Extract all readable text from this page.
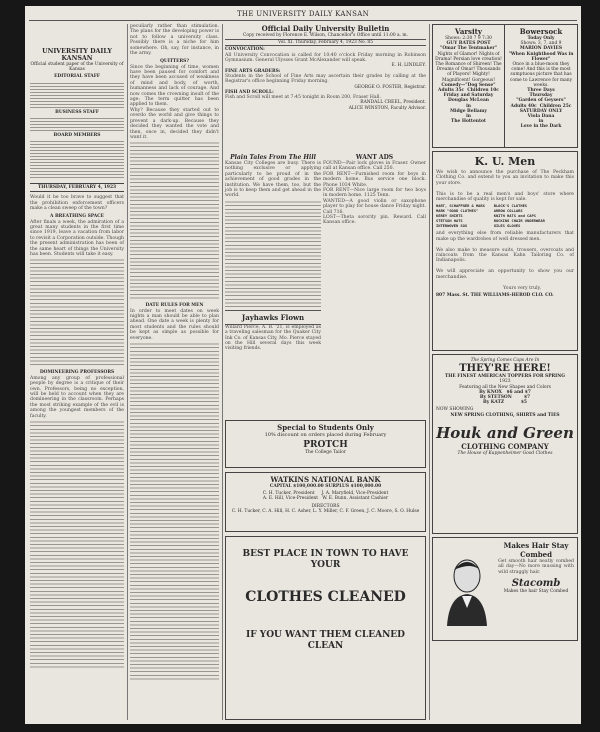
THE UNIVERSITY DAILY KANSAN
UNIVERSITY DAILY KANSAN
Official student paper of the University of Kansas
EDITORIAL STAFF
BUSINESS STAFF
BOARD MEMBERS
THURSDAY, FEBRUARY 4, 1923
Would it be too brave to suggest that the prohibition enforcement officers make a clean sweep of the town?
A BREATHING SPACE
After finals a week, the admiration of a great many students in the first time since 1919, leave a vacation from labor to revisit a Corporation outside. Though the present administration has been of the same heart of things the University has been. Students will take it easy.
DOMINEERING PROFESSORS
Among any group of professional people by degree is a critique of their own. Professors, being no exception, will be held to account when they are domineering in the classroom. Perhaps the most striking example of the evil is among the youngest members of the faculty.
peculiarly rather than stimulation. The plans for the developing power is not to follow a university class. Possibly there is a niche for him somewhere. Oh, say, for instance, in the army.
QUITTERS?
Since the beginning of time, women have been paused for comfort and they have been accused of weakness of mind and body, of worth, humanness and lack of courage. And now comes the crowning insult of the age: The term quitter has been applied to them.
Why? Because they started out to overdo the world and give things to prevent a dark-up. Because they decided they wanted the vote and then, once in, decided they didn't want it.
DATE RULES FOR MEN
In order to meet dates on week nights a man should be able to plan ahead. One date a week is plenty for most students and the rules should be kept as simple as possible for everyone.
Official Daily University Bulletin
Copy received by Florence E. Wilson, Chancellor's Office until 11:00 a. m.
Vol. XI. Thursday, February 4, 1923 No. 85
CONVOCATION:
All University Convocation is called for 10:40 o'clock Friday morning in Robinson Gymnasium. General Ulysses Grant McAlexander will speak.
E. H. LINDLEY.
FINE ARTS GRADERS:
Students in the School of Fine Arts may ascertain their grades by calling at the Registrar's office beginning Friday morning.
GEORGE O. FOSTER, Registrar.
FISH AND SCROLL:
Fish and Scroll will meet at 7:45 tonight in Room 200, Fraser Hall.
RANDALL CREEL, President.
ALICE WINSTON, Faculty Advisor.
Plain Tales From The Hill
Kansas City Colleges are busy. There is nothing exclusive or applying particularly to be proud of in the achievement of good grades in the institution. We have them, too, but the job is to keep them and get ahead in the world.
Jayhawks Flown
Willard Pierce, A. B. '21, is employed as a traveling salesman for the Quaker City Ink Co. of Kansas City, Mo. Pierce stayed on the Hill several days this week visiting friends.
WANT ADS
FOUND—Pair lock gloves in Fraser. Owner call at Kansan office. Call 250.
FOR RENT—Furnished room for boys in modern home. Bus service one block. Phone 1034 White.
FOR RENT—Nice large room for two boys in modern home. 1125 Tenn.
WANTED—A good violin or saxophone player to play for house dance Friday night. Call 716.
LOST—Theta sorority pin. Reward. Call Kansan office.
Special to Students Only
10% discount on orders placed during February
PROTCH
The College Tailor
WATKINS NATIONAL BANK
CAPITAL $100,000.00 SURPLUS $100,000.00
C. H. Tucker, President     J. A. Maryfield, Vice-President
A. E. Hill, Vice-President   W. E. Bunn, Assistant Cashier
DIRECTORS
C. H. Tucker, C. A. Hill, H. C. Asher, L. Y. Miller, C. F. Green, J. C. Moore, S. O. Hulse
BEST PLACE IN TOWN TO HAVE YOUR
CLOTHES CLEANED
IF YOU WANT THEM CLEANED CLEAN
Varsity
Shows: 2:30 7 9 7:30
GUY BATES POST
"Omar The Tentmaker"
Nights of Glamor! Nights of Drama! Persian love creation! The Romance of Shireen! The Dreams of Omar! Thousands of Players! Mighty! Magnificent! Gorgeous!
Comedy—"Dog Sense"
Adults 35c  Children 10c
Friday and Saturday
Douglas McLean
in
Midge Bellamy
in
The Hottentot
Bowersock
Today Only
Shows: 3, 7, and 9
MARION DAVIES
"When Knighthood Was in Flower"
Once in a blue-moon they come! And this is the most sumptuous picture that has come to Lawrence for many weeks.
Three Days
Thursday
"Garden of Geysers"
Adults 40c  Children 25c
SATURDAY ONLY
Viola Dana
in
Love in the Dark
K. U. Men
We wish to announce the purchase of The Peckham Clothing Co. and extend to you an invitation to make this your store.

This is to be a real men's and boys' store where merchandise of quality is kept for sale.
HART, SCHAFFNER & MARX    BLOCK'S CLOTHES
MARK "GOOD CLOTHES"       ARROW COLLARS
KEREY SHIRTS              KNITH HATS and CAPS
STETSON HATS              ROCKING CHAIR UNDERWEAR
INTERWOVEN SOX            GILES GLOVES
and everything else from reliable manufacturers that make up the wardrobes of well dressed men.

We also make to measure suits, trousers, overcoats and raincoats from the Kansas Kahn Tailoring Co. of Indianapolis.

We will appreciate an opportunity to show you our merchandise.

Yours very truly,
807 Mass. St. THE WILLIAMS-HEROD CLO. CO.
The Spring Comes Caps Are In
THEY'RE HERE!
THE FINEST AMERICAN TOPPERS FOR SPRING
1923
Featuring all the New Shapes and Colors
By KNOX   $6 and $7
By STETSON        $7
By KATZ           $5
NOW SHOWING
NEW SPRING CLOTHING, SHIRTS and TIES
Houk and Green
CLOTHING COMPANY
The House of Kuppenheimer Good Clothes
Makes Hair Stay Combed
Get smooth hair neatly combed all day—No more mussing with wild straggly hair.
Stacomb
Makes the hair Stay Combed
